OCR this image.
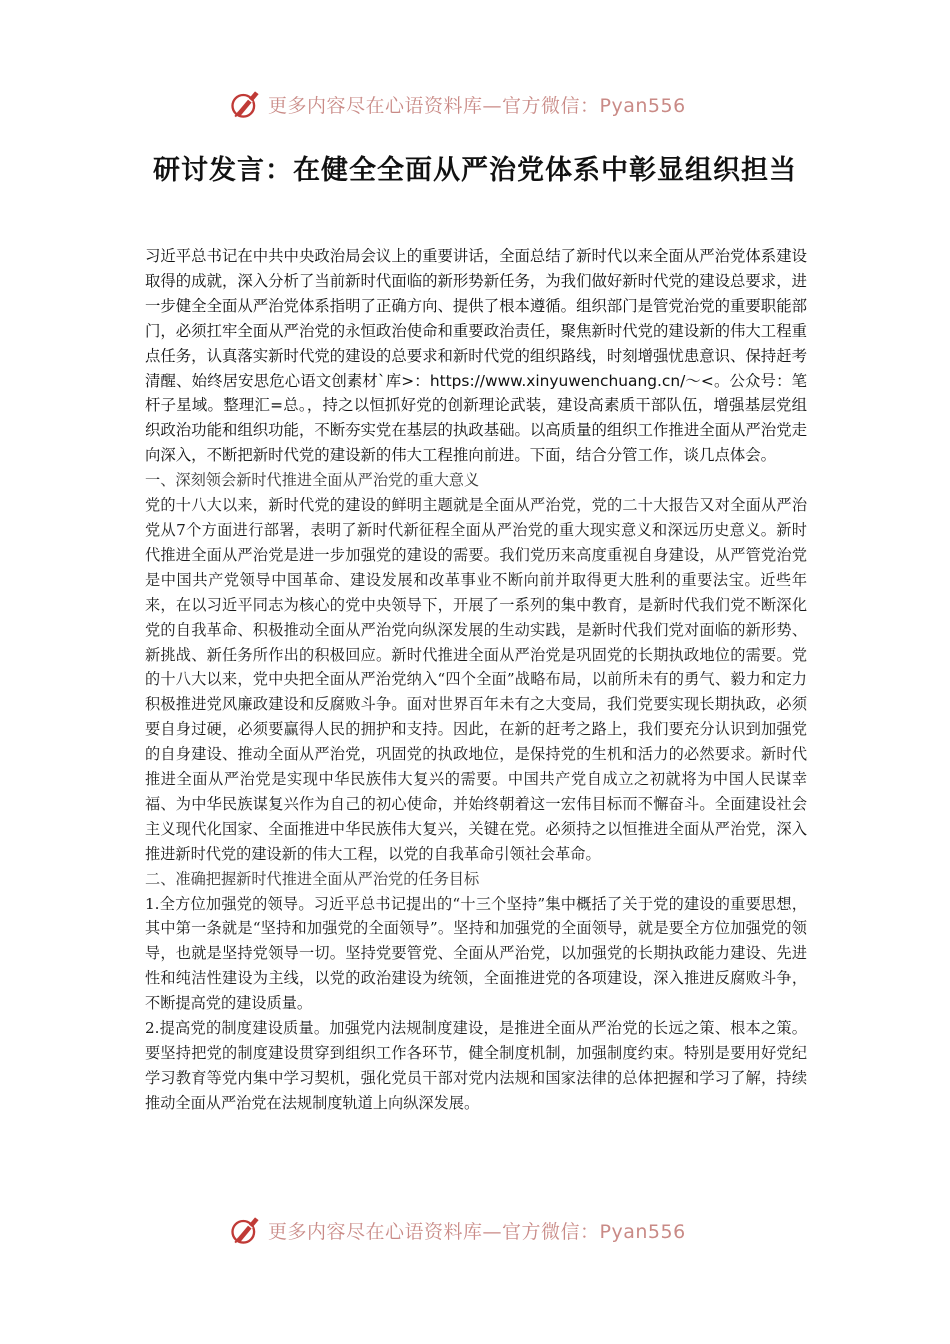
更多内容尽在心语资料库—官方微信：Pyan556
研讨发言：在健全全面从严治党体系中彰显组织担当

习近平总书记在中共中央政治局会议上的重要讲话，全面总结了新时代以来全面从严治党体系建设取得的成就，深入分析了当前新时代面临的新形势新任务，为我们做好新时代党的建设总要求，进一步健全全面从严治党体系指明了正确方向、提供了根本遵循。组织部门是管党治党的重要职能部门，必须扛牢全面从严治党的永恒政治使命和重要政治责任，聚焦新时代党的建设新的伟大工程重点任务，认真落实新时代党的建设的总要求和新时代党的组织路线，时刻增强忧患意识、保持赶考清醒、始终居安思危心语文创素材`库>：https://www.xinyuwenchuang.cn/～<。公众号：笔杆子星域。整理汇=总。，持之以恒抓好党的创新理论武装，建设高素质干部队伍，增强基层党组织政治功能和组织功能，不断夯实党在基层的执政基础。以高质量的组织工作推进全面从严治党走向深入，不断把新时代党的建设新的伟大工程推向前进。下面，结合分管工作，谈几点体会。

一、深刻领会新时代推进全面从严治党的重大意义

党的十八大以来，新时代党的建设的鲜明主题就是全面从严治党，党的二十大报告又对全面从严治党从7个方面进行部署，表明了新时代新征程全面从严治党的重大现实意义和深远历史意义。新时代推进全面从严治党是进一步加强党的建设的需要。我们党历来高度重视自身建设，从严管党治党是中国共产党领导中国革命、建设发展和改革事业不断向前并取得更大胜利的重要法宝。近些年来，在以习近平同志为核心的党中央领导下，开展了一系列的集中教育，是新时代我们党不断深化党的自我革命、积极推动全面从严治党向纵深发展的生动实践，是新时代我们党对面临的新形势、新挑战、新任务所作出的积极回应。新时代推进全面从严治党是巩固党的长期执政地位的需要。党的十八大以来，党中央把全面从严治党纳入“四个全面”战略布局，以前所未有的勇气、毅力和定力积极推进党风廉政建设和反腐败斗争。面对世界百年未有之大变局，我们党要实现长期执政，必须要自身过硬，必须要赢得人民的拥护和支持。因此，在新的赶考之路上，我们要充分认识到加强党的自身建设、推动全面从严治党，巩固党的执政地位，是保持党的生机和活力的必然要求。新时代推进全面从严治党是实现中华民族伟大复兴的需要。中国共产党自成立之初就将为中国人民谋幸福、为中华民族谋复兴作为自己的初心使命，并始终朝着这一宏伟目标而不懈奋斗。全面建设社会主义现代化国家、全面推进中华民族伟大复兴，关键在党。必须持之以恒推进全面从严治党，深入推进新时代党的建设新的伟大工程，以党的自我革命引领社会革命。

二、准确把握新时代推进全面从严治党的任务目标

1.全方位加强党的领导。习近平总书记提出的“十三个坚持”集中概括了关于党的建设的重要思想，其中第一条就是“坚持和加强党的全面领导”。坚持和加强党的全面领导，就是要全方位加强党的领导，也就是坚持党领导一切。坚持党要管党、全面从严治党，以加强党的长期执政能力建设、先进性和纯洁性建设为主线，以党的政治建设为统领，全面推进党的各项建设，深入推进反腐败斗争，不断提高党的建设质量。

2.提高党的制度建设质量。加强党内法规制度建设，是推进全面从严治党的长远之策、根本之策。要坚持把党的制度建设贯穿到组织工作各环节，健全制度机制，加强制度约束。特别是要用好党纪学习教育等党内集中学习契机，强化党员干部对党内法规和国家法律的总体把握和学习了解，持续推动全面从严治党在法规制度轨道上向纵深发展。

更多内容尽在心语资料库—官方微信：Pyan556
